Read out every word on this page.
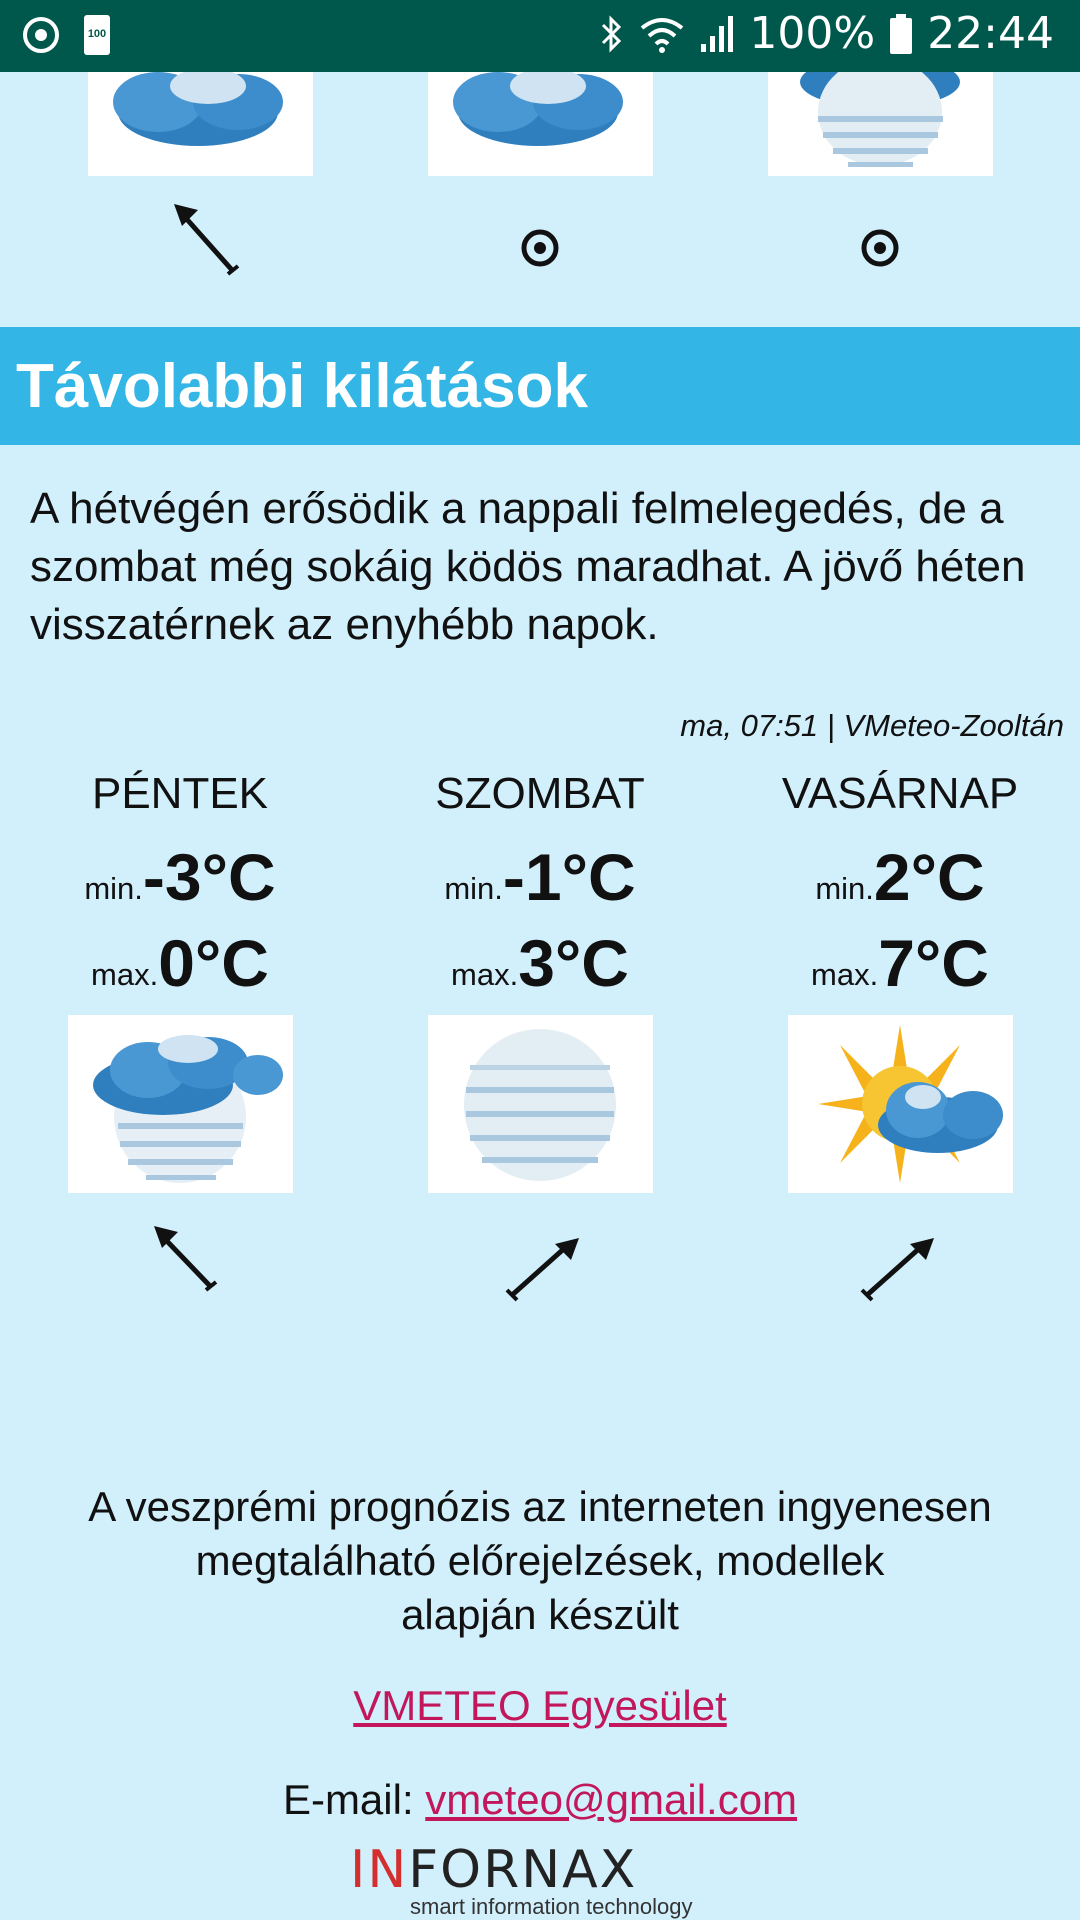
100	100% 22:44
Távolabbi kilátások

A hétvégén erősödik a nappali felmelegedés, de a szombat még sokáig ködös maradhat. A jövő héten visszatérnek az enyhébb napok.

ma, 07:51 | VMeteo-Zooltán
PÉNTEK
min. -3°C
max. 0°C
SZOMBAT
min. -1°C
max. 3°C
VASÁRNAP
min. 2°C
max. 7°C
A veszprémi prognózis az interneten ingyenesen
megtalálható előrejelzések, modellek
alapján készült
VMETEO Egyesület
E-mail: vmeteo@gmail.com
INFORNAX
smart information technology
